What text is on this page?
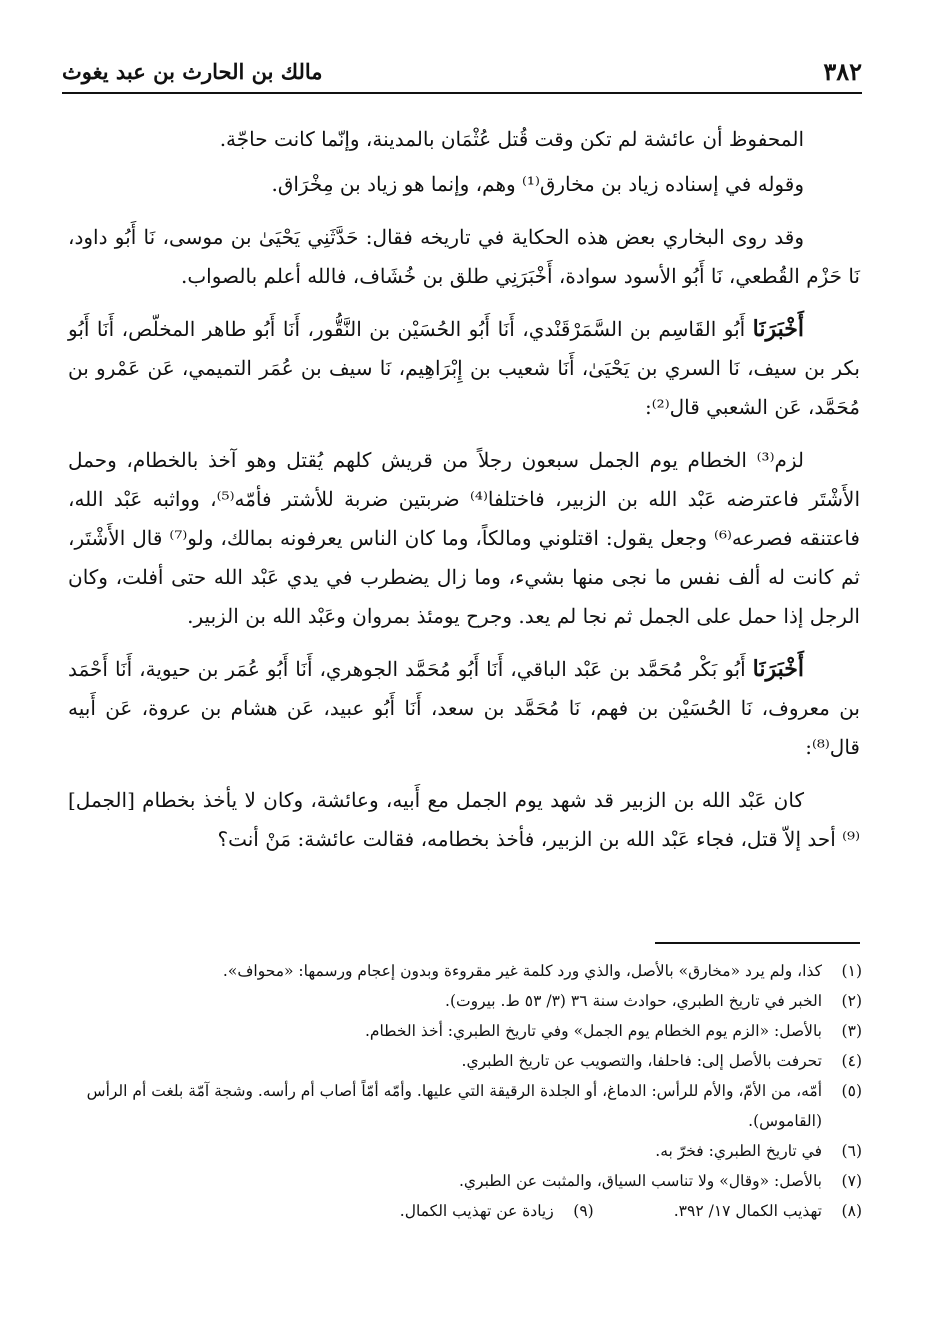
٣٨٢
مالك بن الحارث بن عبد يغوث

المحفوظ أن عائشة لم تكن وقت قُتل عُثْمَان بالمدينة، وإنّما كانت حاجّة.

وقوله في إسناده زياد بن مخارق⁽¹⁾ وهم، وإنما هو زياد بن مِخْرَاق.

وقد روى البخاري بعض هذه الحكاية في تاريخه فقال: حَدَّثَنِي يَحْيَىٰ بن موسى، نَا أَبُو داود، نَا حَزْم القُطعي، نَا أَبُو الأسود سوادة، أَخْبَرَنِي طلق بن خُشَاف، فالله أعلم بالصواب.

أَخْبَرَنَا أَبُو القَاسِم بن السَّمَرْقَنْدي، أَنَا أَبُو الحُسَيْن بن النَّقُّور، أَنَا أَبُو طاهر المخلّص، أَنَا أَبُو بكر بن سيف، نَا السري بن يَحْيَىٰ، أَنَا شعيب بن إِبْرَاهِيم، نَا سيف بن عُمَر التميمي، عَن عَمْرو بن مُحَمَّد، عَن الشعبي قال⁽²⁾:

لزم⁽³⁾ الخطام يوم الجمل سبعون رجلاً من قريش كلهم يُقتل وهو آخذ بالخطام، وحمل الأَشْتَر فاعترضه عَبْد الله بن الزبير، فاختلفا⁽⁴⁾ ضربتين ضربة للأشتر فأمّه⁽⁵⁾، وواثبه عَبْد الله، فاعتنقه فصرعه⁽⁶⁾ وجعل يقول: اقتلوني ومالكاً، وما كان الناس يعرفونه بمالك، ولو⁽⁷⁾ قال الأَشْتَر، ثم كانت له ألف نفس ما نجى منها بشيء، وما زال يضطرب في يدي عَبْد الله حتى أفلت، وكان الرجل إذا حمل على الجمل ثم نجا لم يعد. وجرح يومئذ بمروان وعَبْد الله بن الزبير.

أَخْبَرَنَا أَبُو بَكْر مُحَمَّد بن عَبْد الباقي، أَنَا أَبُو مُحَمَّد الجوهري، أَنَا أَبُو عُمَر بن حيوية، أَنَا أَحْمَد بن معروف، نَا الحُسَيْن بن فهم، نَا مُحَمَّد بن سعد، أَنَا أَبُو عبيد، عَن هشام بن عروة، عَن أَبيه قال⁽⁸⁾:

كان عَبْد الله بن الزبير قد شهد يوم الجمل مع أَبيه، وعائشة، وكان لا يأخذ بخطام [الجمل]⁽⁹⁾ أحد إلاّ قتل، فجاء عَبْد الله بن الزبير، فأخذ بخطامه، فقالت عائشة: مَنْ أنت؟

(١)
كذا، ولم يرد «مخارق» بالأصل، والذي ورد كلمة غير مقروءة وبدون إعجام ورسمها: «محواف».
(٢)
الخبر في تاريخ الطبري، حوادث سنة ٣٦ (٣/ ٥٣ ط. بيروت).
(٣)
بالأصل: «الزم يوم الخطام يوم الجمل» وفي تاريخ الطبري: أخذ الخطام.
(٤)
تحرفت بالأصل إلى: فاحلفا، والتصويب عن تاريخ الطبري.
(٥)
أمّه، من الأمّ، والأم للرأس: الدماغ، أو الجلدة الرقيقة التي عليها. وأمّه أمّاً أصاب أم رأسه. وشجة آمّة بلغت أم الرأس (القاموس).
(٦)
في تاريخ الطبري: فخرّ به.
(٧)
بالأصل: «وقال» ولا تناسب السياق، والمثبت عن الطبري.
(٨)
تهذيب الكمال ١٧/ ٣٩٢.
(٩)
زيادة عن تهذيب الكمال.
